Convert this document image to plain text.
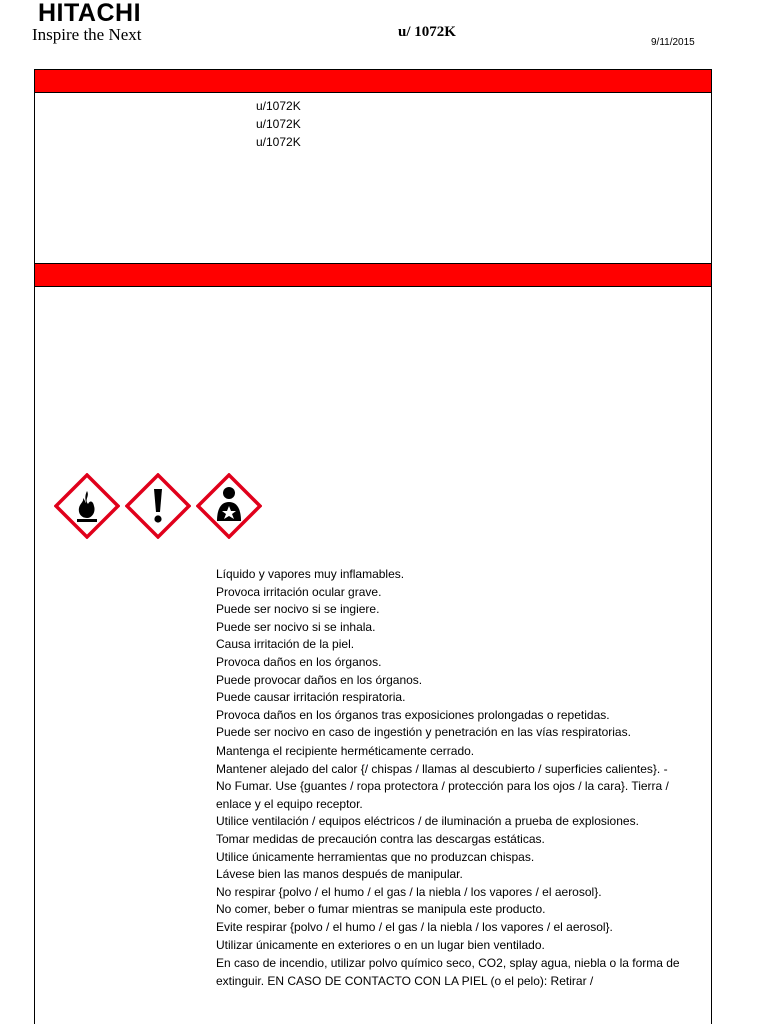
HITACHI
Inspire the Next	u/ 1072K
9/11/2015
u/1072K
u/1072K
u/1072K
Líquido y vapores muy inflamables.
Provoca irritación ocular grave.
Puede ser nocivo si se ingiere.
Puede ser nocivo si se inhala.
Causa irritación de la piel.
Provoca daños en los órganos.
Puede provocar daños en los órganos.
Puede causar irritación respiratoria.
Provoca daños en los órganos tras exposiciones prolongadas o repetidas.
Puede ser nocivo en caso de ingestión y penetración en las vías respiratorias.
Mantenga el recipiente herméticamente cerrado.
Mantener alejado del calor {/ chispas / llamas al descubierto / superficies calientes}. - No Fumar. Use {guantes / ropa protectora / protección para los ojos / la cara}. Tierra / enlace y el equipo receptor.
Utilice ventilación / equipos eléctricos / de iluminación a prueba de explosiones.
Tomar medidas de precaución contra las descargas estáticas.
Utilice únicamente herramientas que no produzcan chispas.
Lávese bien las manos después de manipular.
No respirar {polvo / el humo / el gas / la niebla / los vapores / el aerosol}.
No comer, beber o fumar mientras se manipula este producto.
Evite respirar {polvo / el humo / el gas / la niebla / los vapores / el aerosol}.
Utilizar únicamente en exteriores o en un lugar bien ventilado.
En caso de incendio, utilizar polvo químico seco, CO2, splay agua, niebla o la forma de extinguir. EN CASO DE CONTACTO CON LA PIEL (o el pelo): Retirar /
